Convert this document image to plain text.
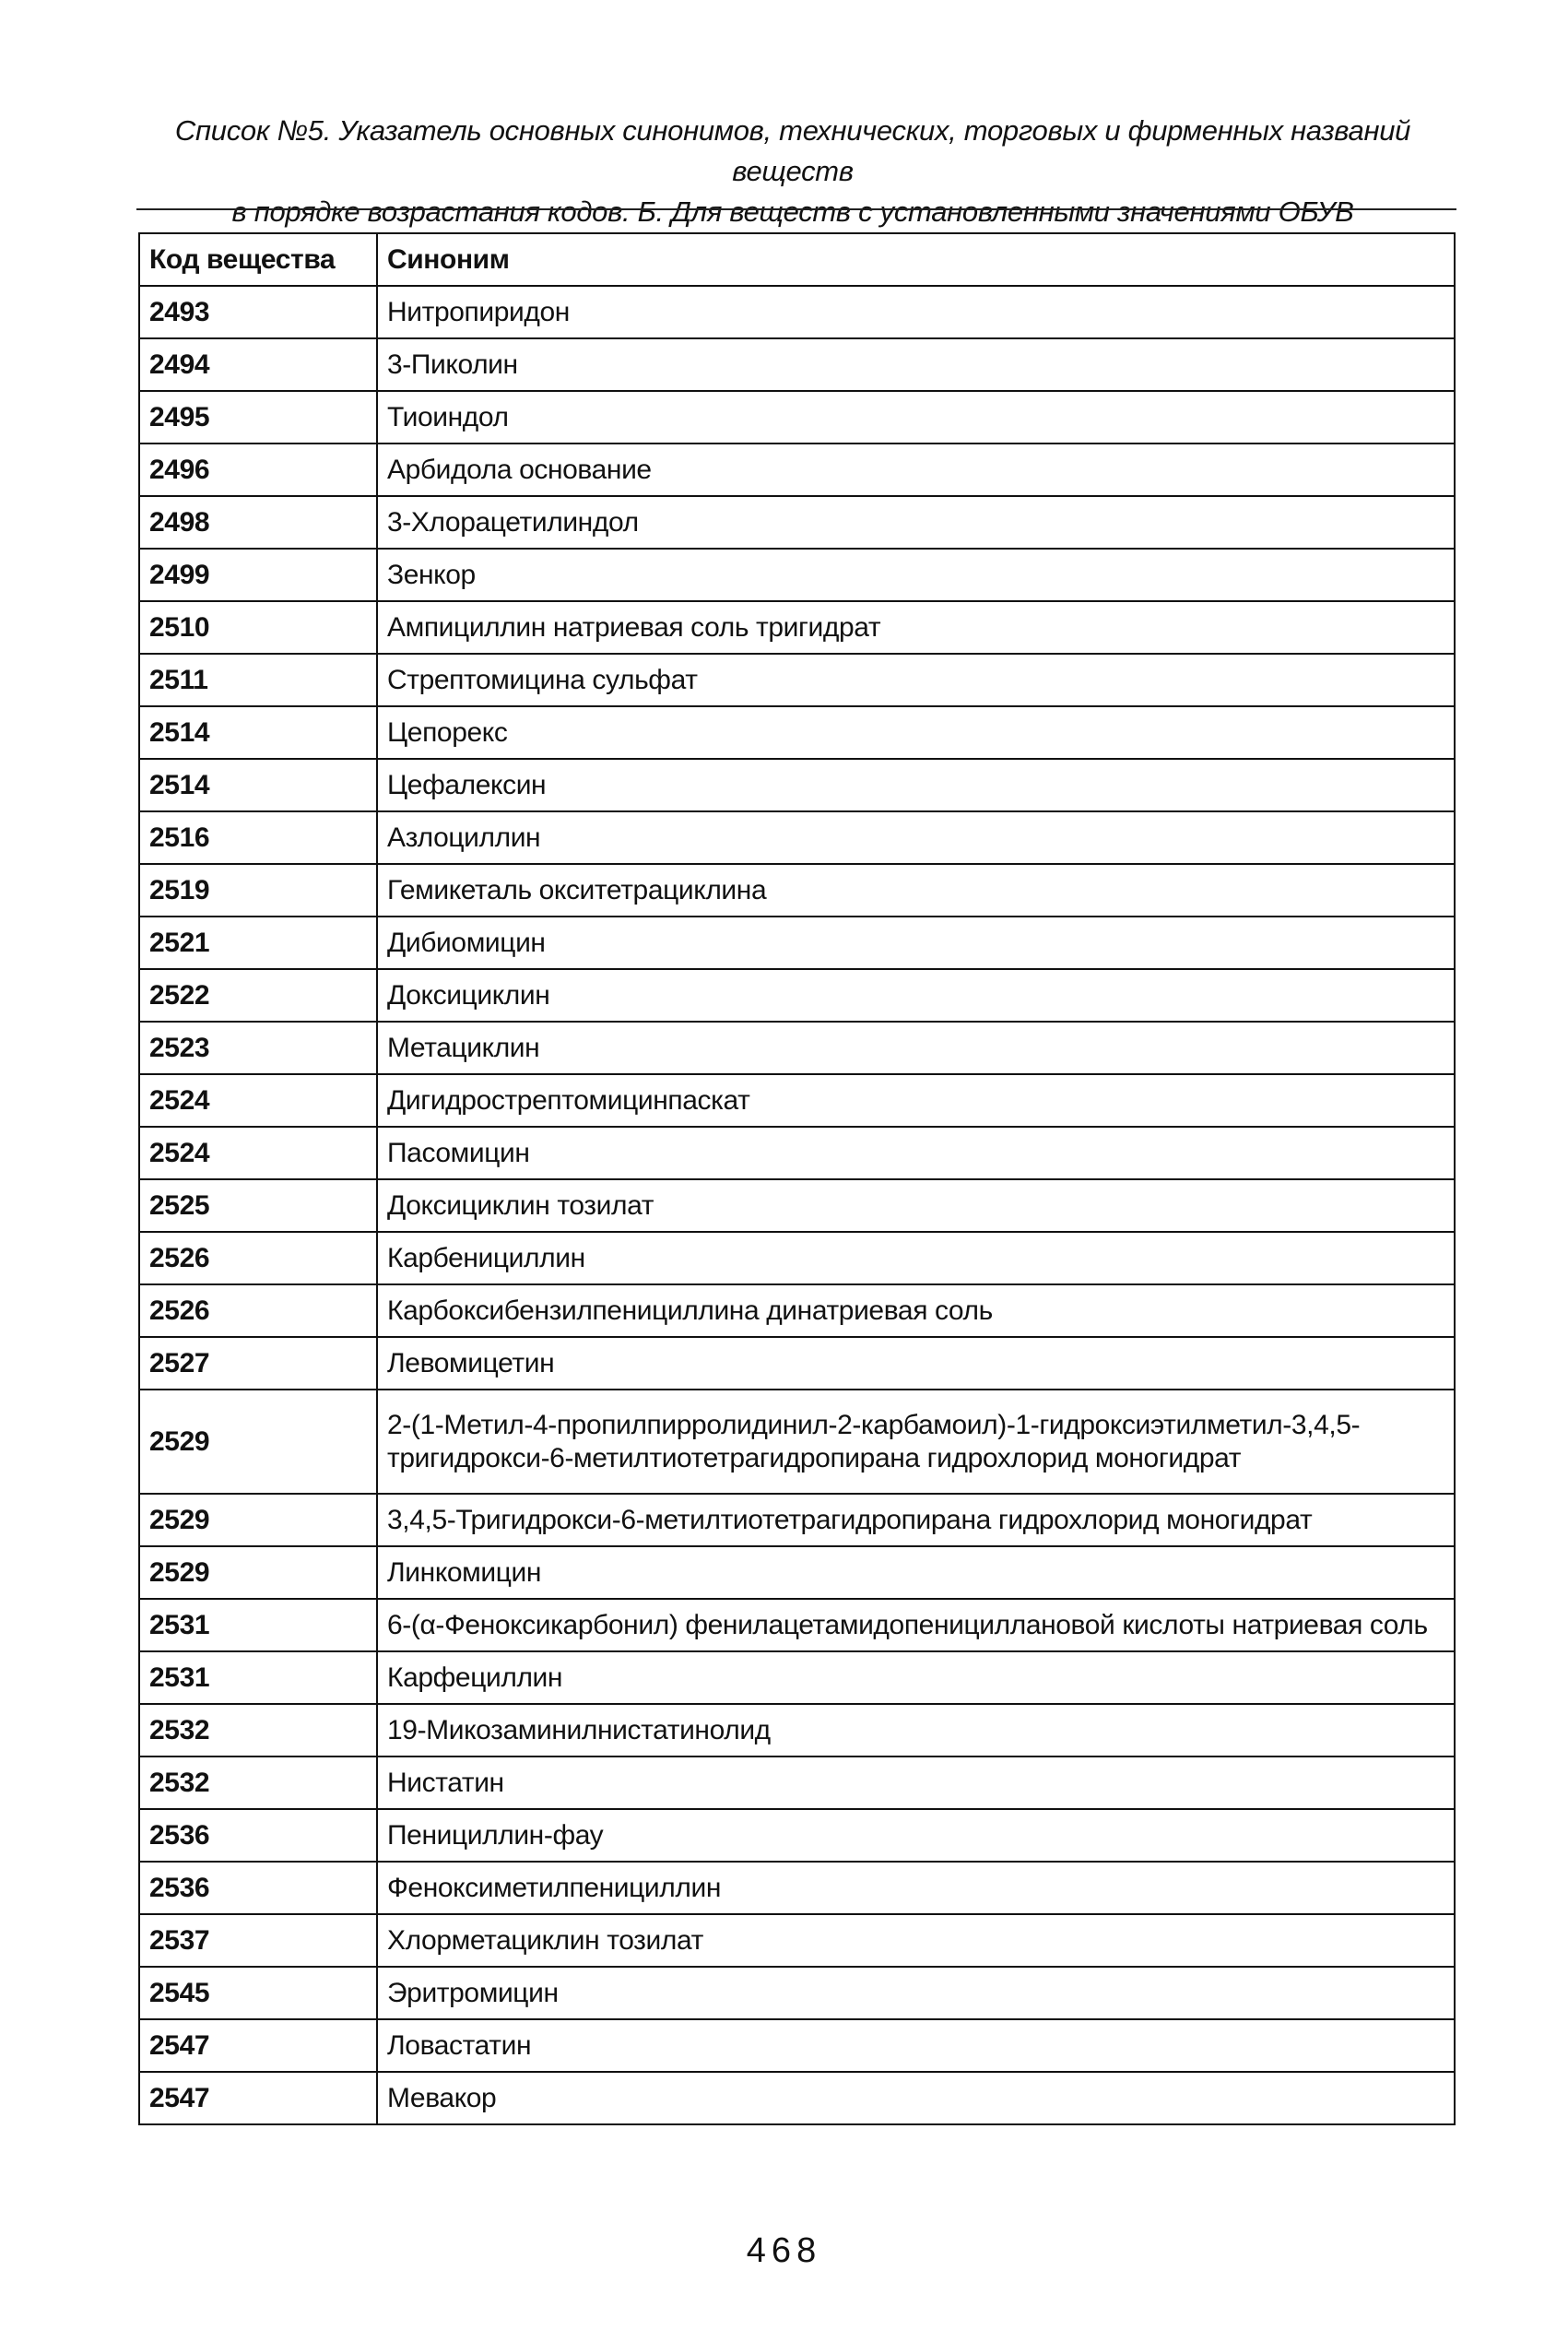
Список №5. Указатель основных синонимов, технических, торговых и фирменных названий веществ
в порядке возрастания кодов. Б. Для веществ с установленными значениями ОБУВ
Код вещества	Синоним
2493	Нитропиридон
2494	3-Пиколин
2495	Тиоиндол
2496	Арбидола основание
2498	3-Хлорацетилиндол
2499	Зенкор
2510	Ампициллин натриевая соль тригидрат
2511	Стрептомицина сульфат
2514	Цепорекс
2514	Цефалексин
2516	Азлоциллин
2519	Гемикеталь окситетрациклина
2521	Дибиомицин
2522	Доксициклин
2523	Метациклин
2524	Дигидрострептомицинпаскат
2524	Пасомицин
2525	Доксициклин тозилат
2526	Карбенициллин
2526	Карбоксибензилпенициллина динатриевая соль
2527	Левомицетин
2529	2-(1-Метил-4-пропилпирролидинил-2-карбамоил)-1-гидроксиэтилметил-3,4,5-тригидрокси-6-метилтиотетрагидропирана гидрохлорид моногидрат
2529	3,4,5-Тригидрокси-6-метилтиотетрагидропирана гидрохлорид моногидрат
2529	Линкомицин
2531	6-(α-Феноксикарбонил) фенилацетамидопенициллановой кислоты натриевая соль
2531	Карфециллин
2532	19-Микозаминилнистатинолид
2532	Нистатин
2536	Пенициллин-фау
2536	Феноксиметилпенициллин
2537	Хлорметациклин тозилат
2545	Эритромицин
2547	Ловастатин
2547	Мевакор
468
